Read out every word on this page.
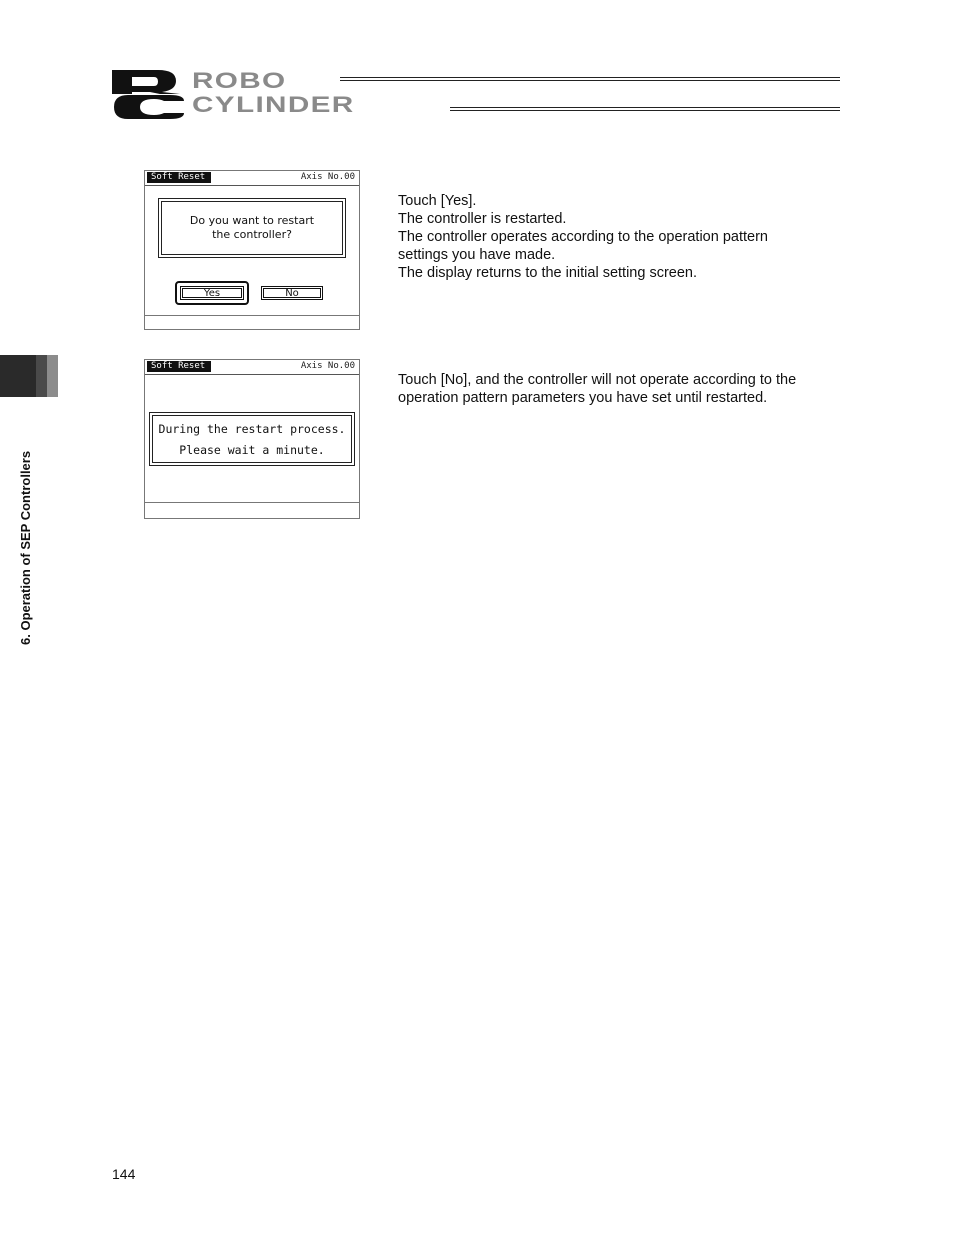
ROBO
CYLINDER
6. Operation of SEP Controllers
Soft Reset	Axis No.00
Do you want to restart
the controller?
Yes	No

Touch [Yes].

The controller is restarted.

The controller operates according to the operation pattern

settings you have made.

The display returns to the initial setting screen.

Soft Reset	Axis No.00
During the restart process.
Please wait a minute.

Touch [No], and the controller will not operate according to the

operation pattern parameters you have set until restarted.

144
